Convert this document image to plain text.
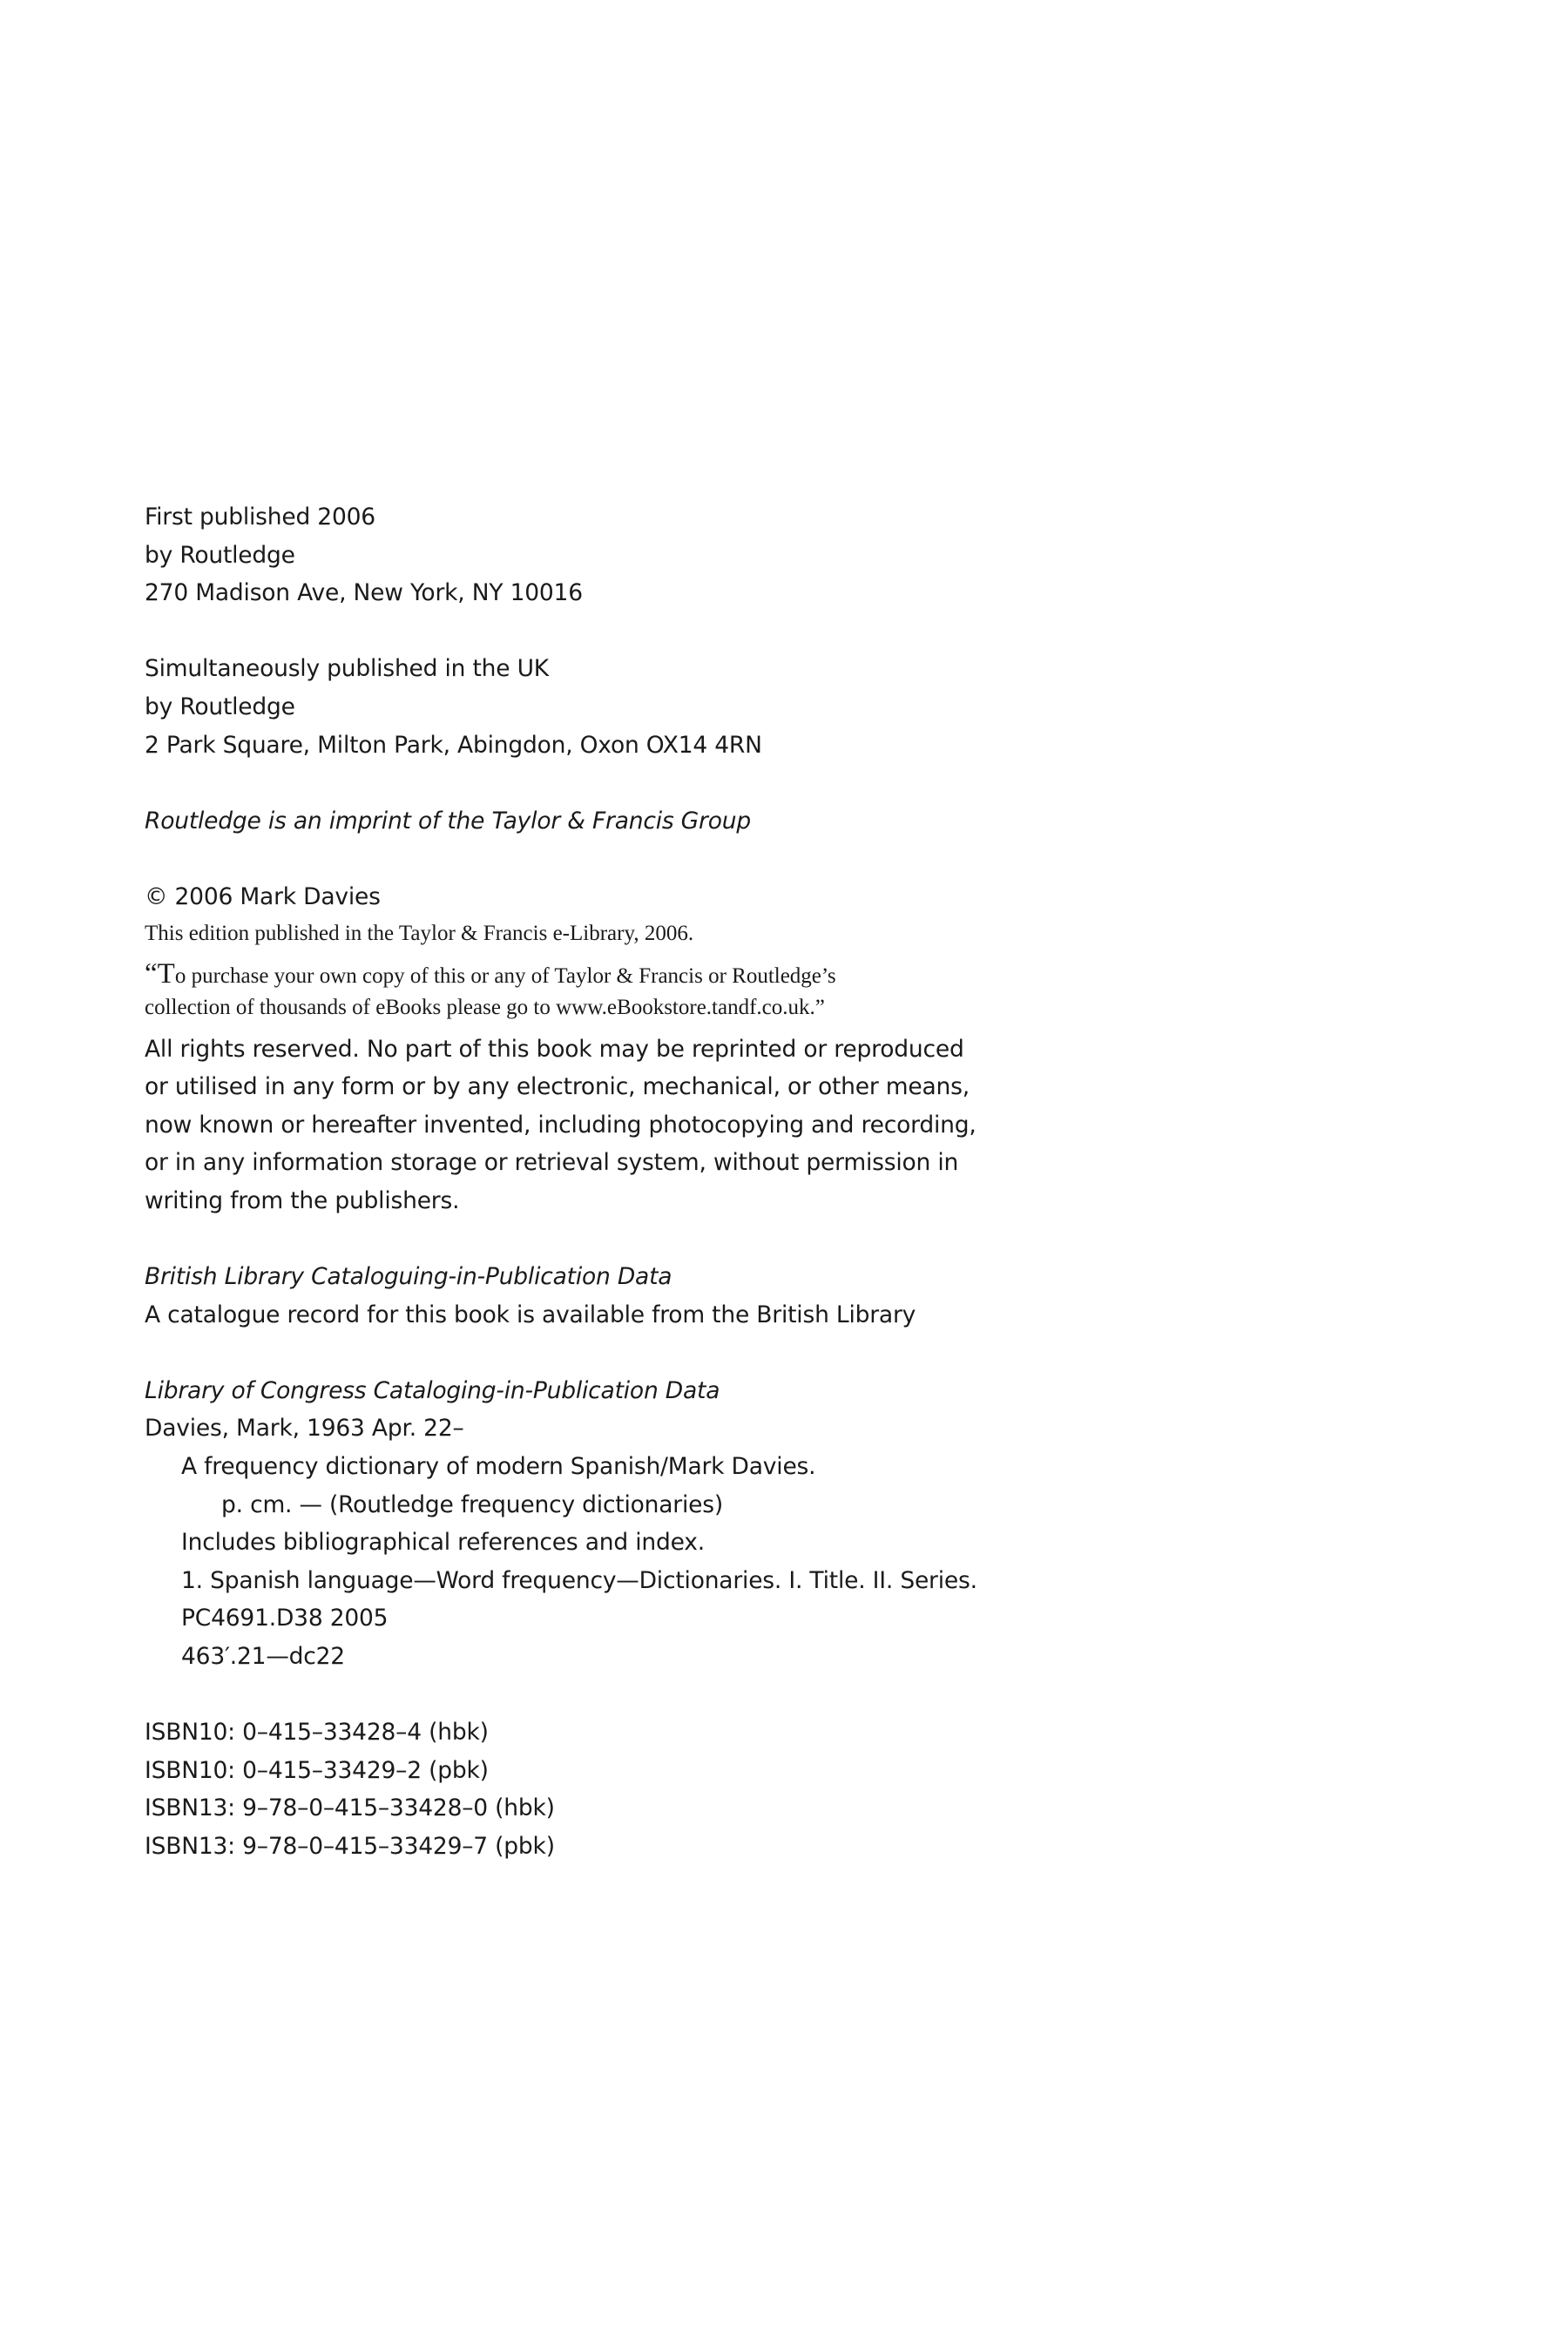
First published 2006
by Routledge
270 Madison Ave, New York, NY 10016
Simultaneously published in the UK
by Routledge
2 Park Square, Milton Park, Abingdon, Oxon OX14 4RN
Routledge is an imprint of the Taylor & Francis Group
© 2006 Mark Davies
This edition published in the Taylor & Francis e-Library, 2006.
“To purchase your own copy of this or any of Taylor & Francis or Routledge’s
collection of thousands of eBooks please go to www.eBookstore.tandf.co.uk.”
All rights reserved. No part of this book may be reprinted or reproduced
or utilised in any form or by any electronic, mechanical, or other means,
now known or hereafter invented, including photocopying and recording,
or in any information storage or retrieval system, without permission in
writing from the publishers.
British Library Cataloguing-in-Publication Data
A catalogue record for this book is available from the British Library
Library of Congress Cataloging-in-Publication Data
Davies, Mark, 1963 Apr. 22–
A frequency dictionary of modern Spanish/Mark Davies.
p. cm. — (Routledge frequency dictionaries)
Includes bibliographical references and index.
1. Spanish language—Word frequency—Dictionaries. I. Title. II. Series.
PC4691.D38 2005
463′.21—dc22
ISBN10: 0–415–33428–4 (hbk)
ISBN10: 0–415–33429–2 (pbk)
ISBN13: 9–78–0–415–33428–0 (hbk)
ISBN13: 9–78–0–415–33429–7 (pbk)
